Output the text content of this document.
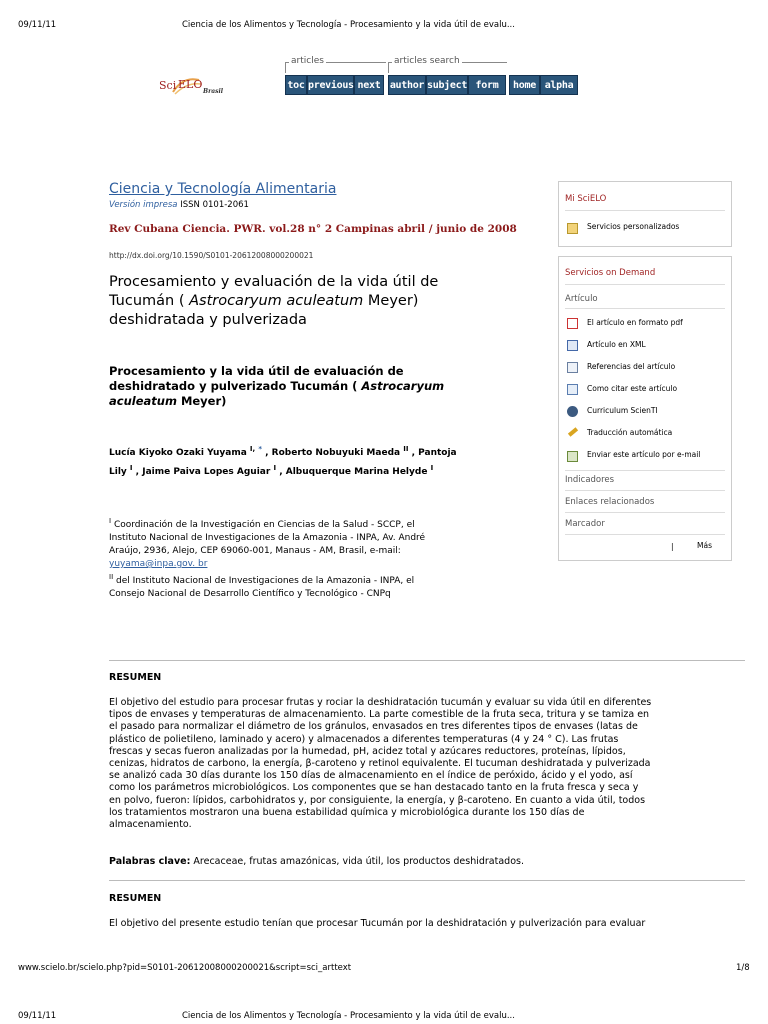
09/11/11	Ciencia de los Alimentos y Tecnología - Procesamiento y la vida útil de evalu...
Sci ELO
Brasil
articles	articles search
toc previous next author subject form	home alpha
Ciencia y Tecnología Alimentaria
Versión impresa ISSN 0101-2061
Rev Cubana Ciencia. PWR. vol.28 n° 2 Campinas abril / junio de 2008
http://dx.doi.org/10.1590/S0101-20612008000200021
Procesamiento y evaluación de la vida útil de
Tucumán ( Astrocaryum aculeatum Meyer)
deshidratada y pulverizada
Procesamiento y la vida útil de evaluación de
deshidratado y pulverizado Tucumán ( Astrocaryum
aculeatum Meyer)
Lucía Kiyoko Ozaki Yuyama $^{I,}$ * , Roberto Nobuyuki Maeda $^{II}$ , Pantoja
Lily $^I$ , Jaime Paiva Lopes Aguiar $^I$ , Albuquerque Marina Helyde $^I$
$^I$ Coordinación de la Investigación en Ciencias de la Salud - SCCP, el
Instituto Nacional de Investigaciones de la Amazonia - INPA, Av. André
Araújo, 2936, Alejo, CEP 69060-001, Manaus - AM, Brasil, e-mail:
yuyama@inpa.gov. br
$^{II}$ del Instituto Nacional de Investigaciones de la Amazonia - INPA, el
Consejo Nacional de Desarrollo Científico y Tecnológico - CNPq
Mi SciELO
Servicios personalizados
Servicios on Demand
Artículo
El artículo en formato pdf
Artículo en XML
Referencias del artículo
Como citar este artículo
Curriculum ScienTI
Traducción automática
Enviar este artículo por e-mail
Indicadores
Enlaces relacionados
Marcador
|	Más
RESUMEN
El objetivo del estudio para procesar frutas y rociar la deshidratación tucumán y evaluar su vida útil en diferentes
tipos de envases y temperaturas de almacenamiento. La parte comestible de la fruta seca, tritura y se tamiza en
el pasado para normalizar el diámetro de los gránulos, envasados en tres diferentes tipos de envases (latas de
plástico de polietileno, laminado y acero) y almacenados a diferentes temperaturas (4 y 24 ° C). Las frutas
frescas y secas fueron analizadas por la humedad, pH, acidez total y azúcares reductores, proteínas, lípidos,
cenizas, hidratos de carbono, la energía, β-caroteno y retinol equivalente. El tucuman deshidratada y pulverizada
se analizó cada 30 días durante los 150 días de almacenamiento en el índice de peróxido, ácido y el yodo, así
como los parámetros microbiológicos. Los componentes que se han destacado tanto en la fruta fresca y seca y
en polvo, fueron: lípidos, carbohidratos y, por consiguiente, la energía, y β-caroteno. En cuanto a vida útil, todos
los tratamientos mostraron una buena estabilidad química y microbiológica durante los 150 días de
almacenamiento.
Palabras clave: Arecaceae, frutas amazónicas, vida útil, los productos deshidratados.
RESUMEN
El objetivo del presente estudio tenían que procesar Tucumán por la deshidratación y pulverización para evaluar
www.scielo.br/scielo.php?pid=S0101-20612008000200021&script=sci_arttext	1/8
09/11/11	Ciencia de los Alimentos y Tecnología - Procesamiento y la vida útil de evalu...
